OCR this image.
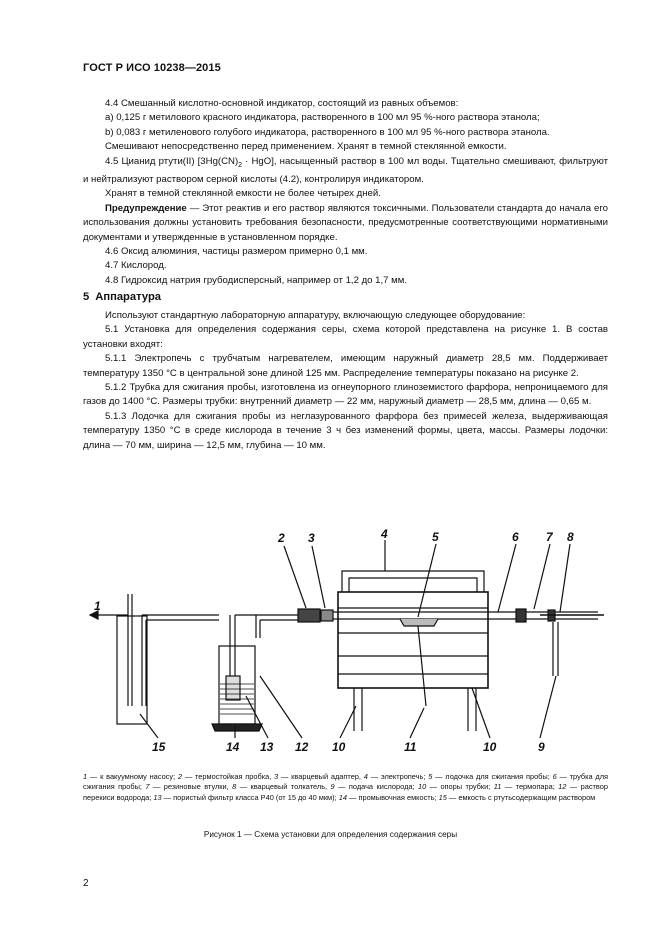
ГОСТ Р ИСО 10238—2015

4.4 Смешанный кислотно-основной индикатор, состоящий из равных объемов:

a) 0,125 г метилового красного индикатора, растворенного в 100 мл 95 %-ного раствора этанола;

b) 0,083 г метиленового голубого индикатора, растворенного в 100 мл 95 %-ного раствора этанола.

Смешивают непосредственно перед применением. Хранят в темной стеклянной емкости.

4.5 Цианид ртути(II) $[3Hg(CN)_2 \cdot HgO]$, насыщенный раствор в 100 мл воды. Тщательно смешивают, фильтруют и нейтрализуют раствором серной кислоты (4.2), контролируя индикатором.

Хранят в темной стеклянной емкости не более четырех дней.

Предупреждение — Этот реактив и его раствор являются токсичными. Пользователи стандарта до начала его использования должны установить требования безопасности, предусмотренные соответствующими нормативными документами и утвержденные в установленном порядке.

4.6 Оксид алюминия, частицы размером примерно 0,1 мм.

4.7 Кислород.

4.8 Гидроксид натрия грубодисперсный, например от 1,2 до 1,7 мм.

5 Аппаратура

Используют стандартную лабораторную аппаратуру, включающую следующее оборудование:

5.1 Установка для определения содержания серы, схема которой представлена на рисунке 1. В состав установки входят:

5.1.1 Электропечь с трубчатым нагревателем, имеющим наружный диаметр 28,5 мм. Поддерживает температуру 1350 °С в центральной зоне длиной 125 мм. Распределение температуры показано на рисунке 2.

5.1.2 Трубка для сжигания пробы, изготовлена из огнеупорного глиноземистого фарфора, непроницаемого для газов до 1400 °С. Размеры трубки: внутренний диаметр — 22 мм, наружный диаметр — 28,5 мм, длина — 0,65 м.

5.1.3 Лодочка для сжигания пробы из неглазурованного фарфора без примесей железа, выдерживающая температуру 1350 °С в среде кислорода в течение 3 ч без изменений формы, цвета, массы. Размеры лодочки: длина — 70 мм, ширина — 12,5 мм, глубина — 10 мм.

1
2 3	4	5	6 7 8
9
10	10
11
12
13
14
15
1 — к вакуумному насосу; 2 — термостойкая пробка, 3 — кварцевый адаптер, 4 — электропечь; 5 — лодочка для сжигания пробы; 6 — трубка для сжигания пробы; 7 — резиновые втулки, 8 — кварцевый толкатель, 9 — подача кислорода; 10 — опоры трубки; 11 — термопара; 12 — раствор перекиси водорода; 13 — пористый фильтр класса Р40 (от 15 до 40 мкм); 14 — промывочная емкость; 15 — емкость с ртутьсодержащим раствором
Рисунок 1 — Схема установки для определения содержания серы
2
